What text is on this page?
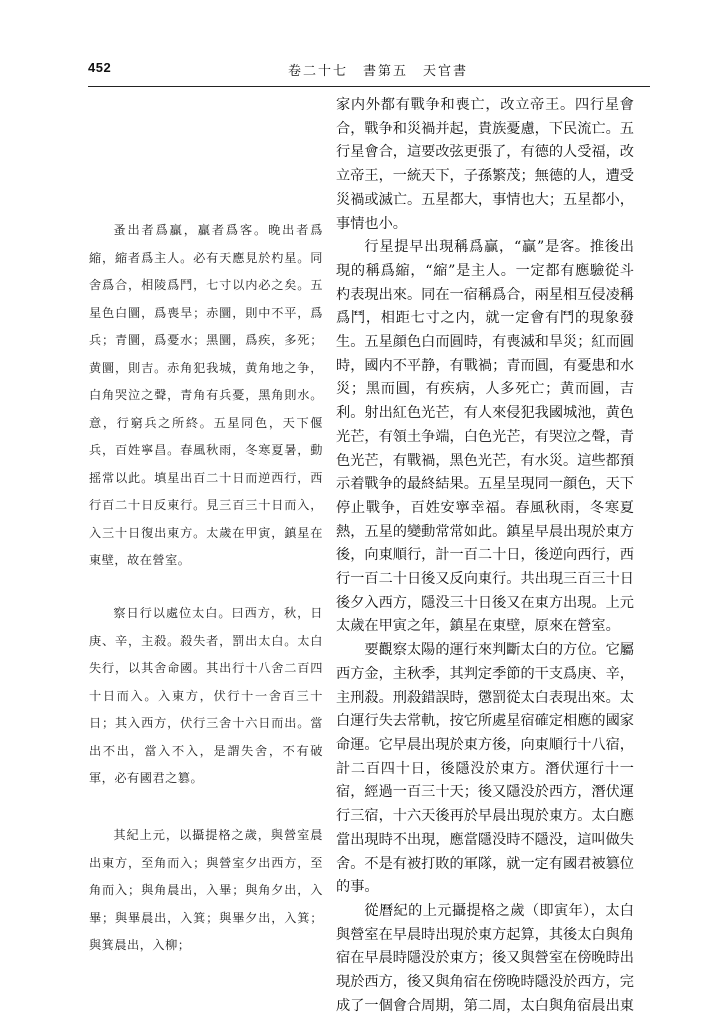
452	卷二十七　書第五　天官書

蚤出者爲贏，贏者爲客。晚出者爲縮，縮者爲主人。必有天應見於杓星。同舍爲合，相陵爲鬥，七寸以内必之矣。五星色白圜，爲喪旱；赤圜，則中不平，爲兵；青圜，爲憂水；黑圜，爲疾，多死；黄圜，則吉。赤角犯我城，黄角地之争，白角哭泣之聲，青角有兵憂，黑角則水。意，行窮兵之所終。五星同色，天下偃兵，百姓寧昌。春風秋雨，冬寒夏暑，動摇常以此。填星出百二十日而逆西行，西行百二十日反東行。見三百三十日而入，入三十日復出東方。太歲在甲寅，鎮星在東壁，故在營室。

察日行以處位太白。曰西方，秋，日庚、辛，主殺。殺失者，罰出太白。太白失行，以其舍命國。其出行十八舍二百四十日而入。入東方，伏行十一舍百三十日；其入西方，伏行三舍十六日而出。當出不出，當入不入，是謂失舍，不有破軍，必有國君之篡。

其紀上元，以攝提格之歲，與營室晨出東方，至角而入；與營室夕出西方，至角而入；與角晨出，入畢；與角夕出，入畢；與畢晨出，入箕；與畢夕出，入箕；與箕晨出，入柳；

家内外都有戰争和喪亡，改立帝王。四行星會合，戰争和災禍并起，貴族憂慮，下民流亡。五行星會合，這要改弦更張了，有德的人受福，改立帝王，一統天下，子孫繁茂；無德的人，遭受災禍或滅亡。五星都大，事情也大；五星都小，事情也小。

行星提早出現稱爲贏，“贏”是客。推後出現的稱爲縮，“縮”是主人。一定都有應驗從斗杓表現出來。同在一宿稱爲合，兩星相互侵凌稱爲鬥，相距七寸之内，就一定會有鬥的現象發生。五星顔色白而圓時，有喪滅和旱災；紅而圓時，國内不平静，有戰禍；青而圓，有憂患和水災；黑而圓，有疾病，人多死亡；黄而圓，吉利。射出紅色光芒，有人來侵犯我國城池，黄色光芒，有領土争端，白色光芒，有哭泣之聲，青色光芒，有戰禍，黑色光芒，有水災。這些都預示着戰争的最終結果。五星呈現同一顔色，天下停止戰争，百姓安寧幸福。春風秋雨，冬寒夏熱，五星的變動常常如此。鎮星早晨出現於東方後，向東順行，計一百二十日，後逆向西行，西行一百二十日後又反向東行。共出現三百三十日後夕入西方，隱没三十日後又在東方出現。上元太歲在甲寅之年，鎮星在東壁，原來在營室。

要觀察太陽的運行來判斷太白的方位。它屬西方金，主秋季，其判定季節的干支爲庚、辛，主刑殺。刑殺錯誤時，懲罰從太白表現出來。太白運行失去常軌，按它所處星宿確定相應的國家命運。它早晨出現於東方後，向東順行十八宿，計二百四十日，後隱没於東方。潛伏運行十一宿，經過一百三十天；後又隱没於西方，潛伏運行三宿，十六天後再於早晨出現於東方。太白應當出現時不出現，應當隱没時不隱没，這叫做失舍。不是有被打敗的軍隊，就一定有國君被篡位的事。

從曆紀的上元攝提格之歲（即寅年），太白與營室在早晨時出現於東方起算，其後太白與角宿在早晨時隱没於東方；後又與營室在傍晚時出現於西方，後又與角宿在傍晚時隱没於西方，完成了一個會合周期，第二周，太白與角宿晨出東
